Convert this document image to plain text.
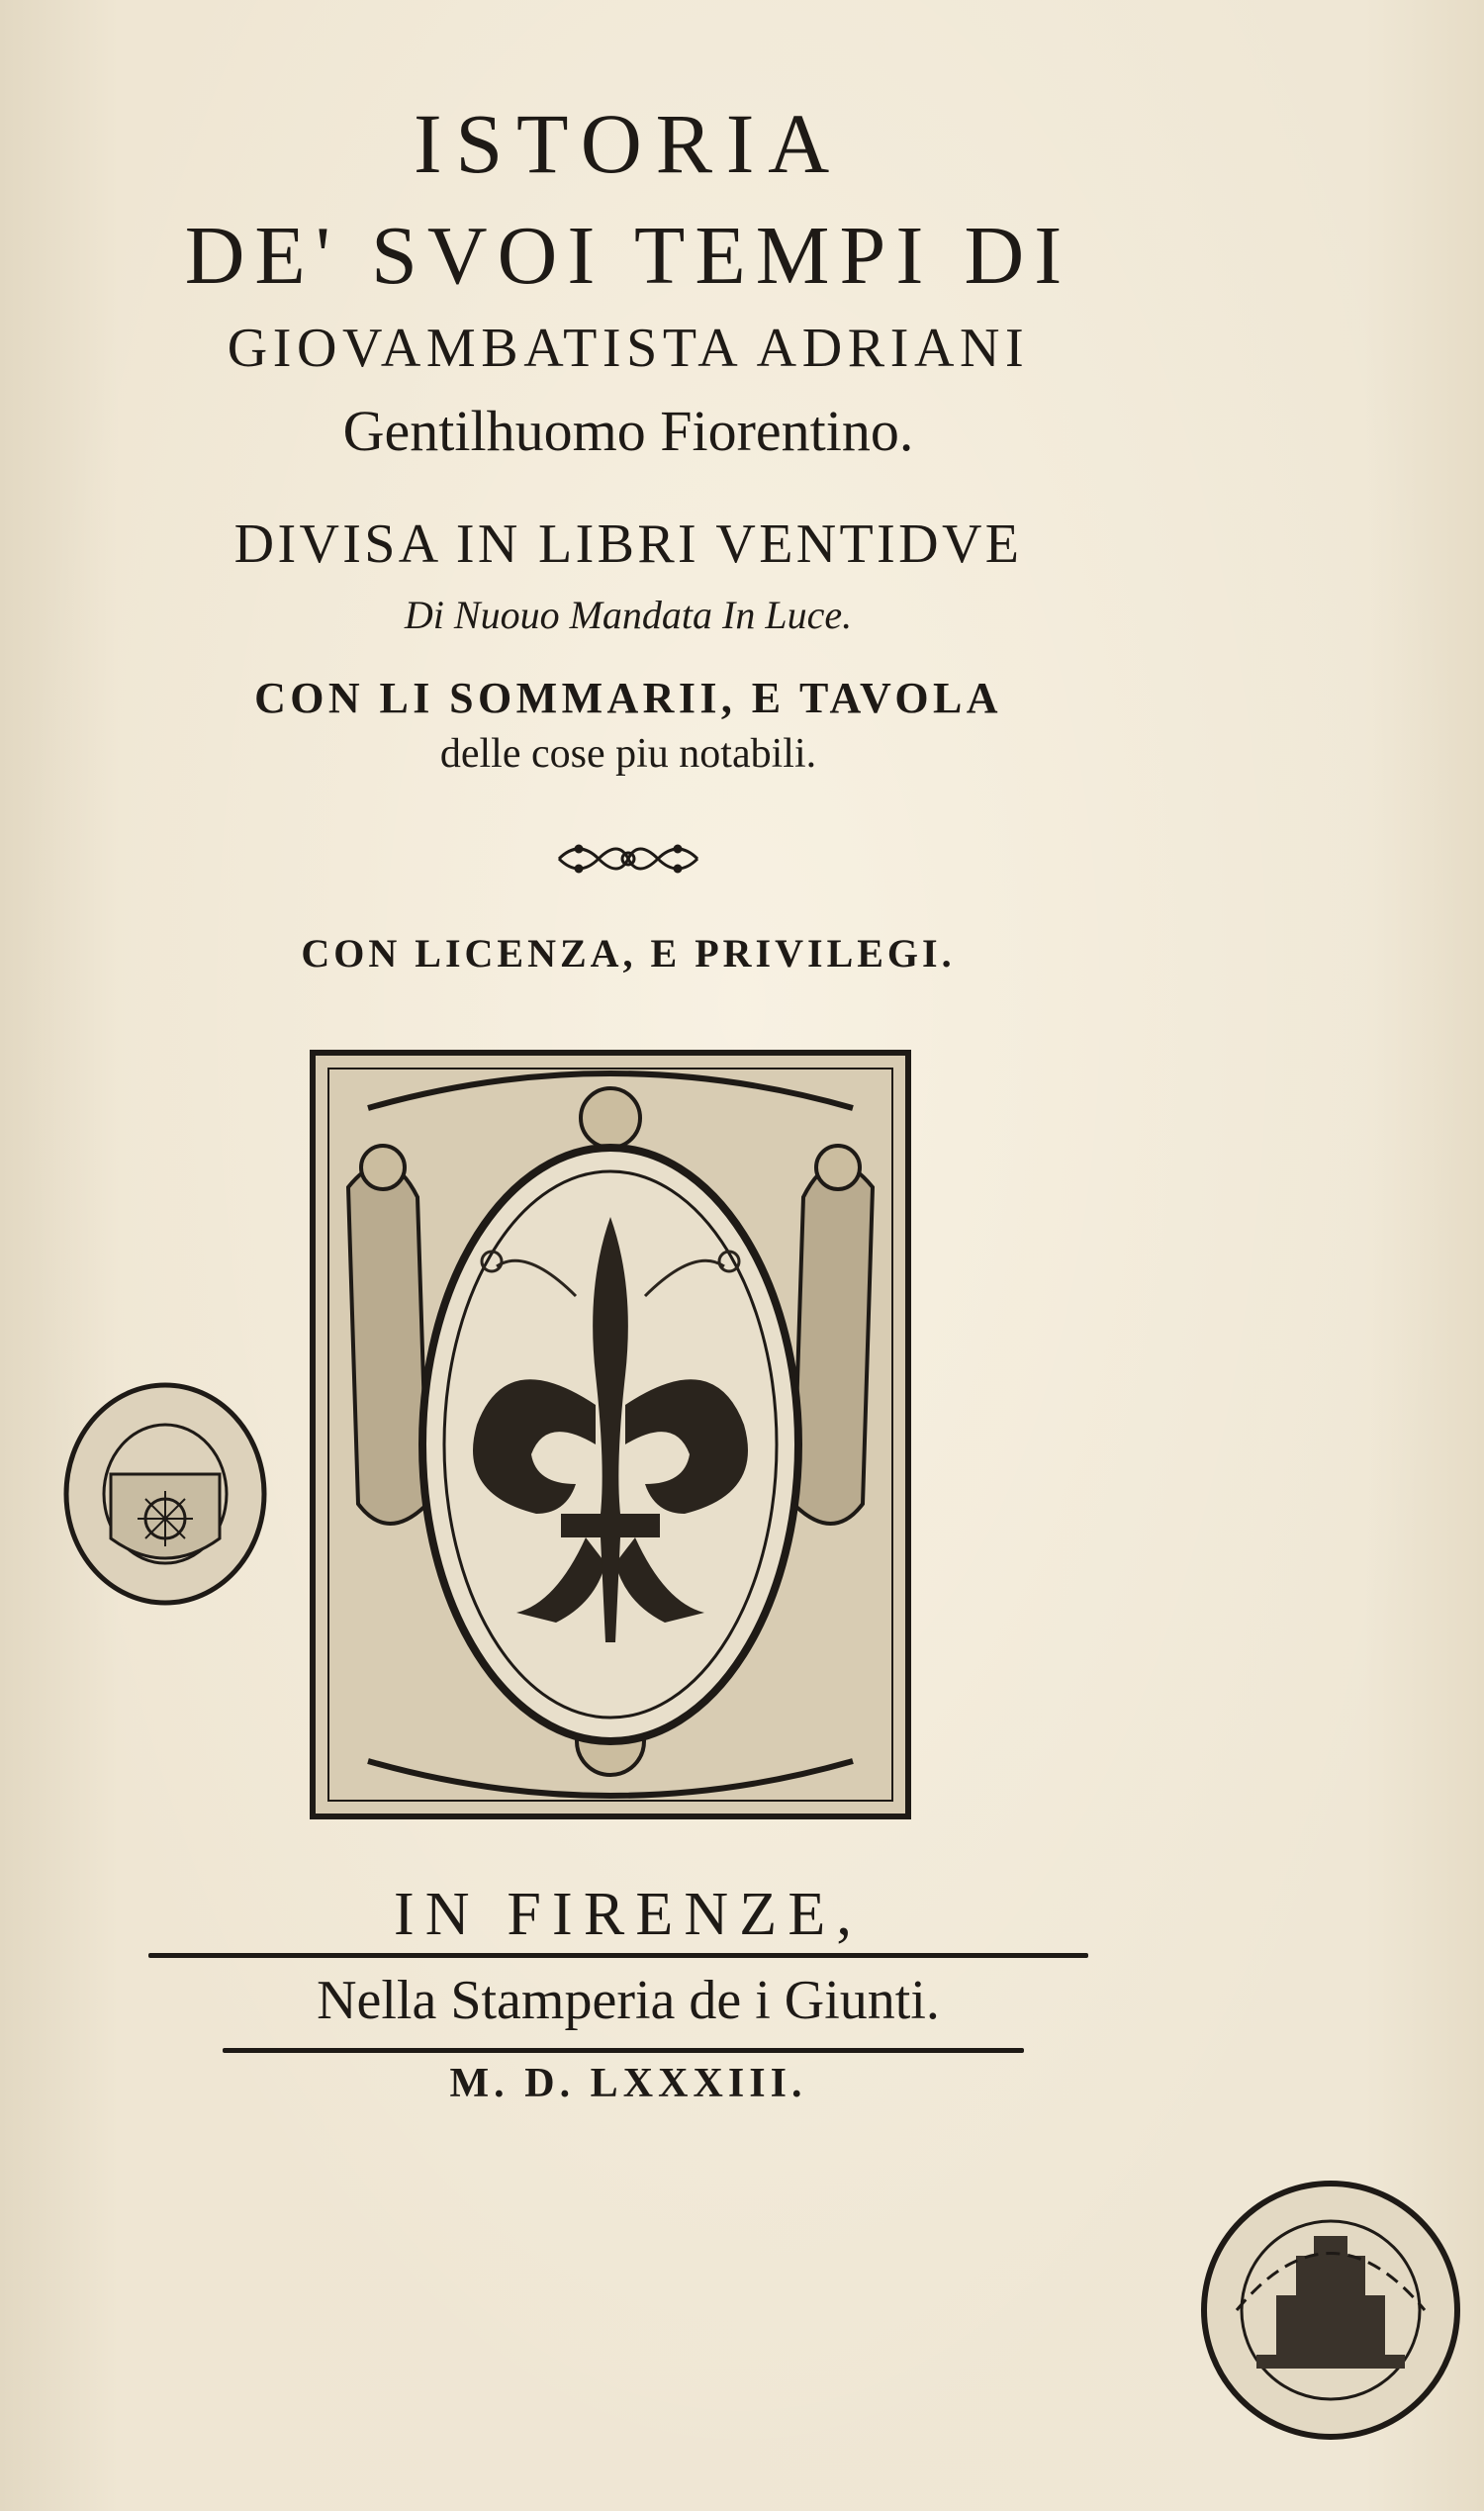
ISTORIA
DE' SVOI TEMPI DI
GIOVAMBATISTA ADRIANI
Gentilhuomo Fiorentino.
DIVISA IN LIBRI VENTIDVE
Di Nuouo Mandata In Luce.
CON LI SOMMARII, E TAVOLA
delle cose piu notabili.
CON LICENZA, E PRIVILEGI.
IN FIRENZE,
Nella Stamperia de i Giunti.
M. D. LXXXIII.
